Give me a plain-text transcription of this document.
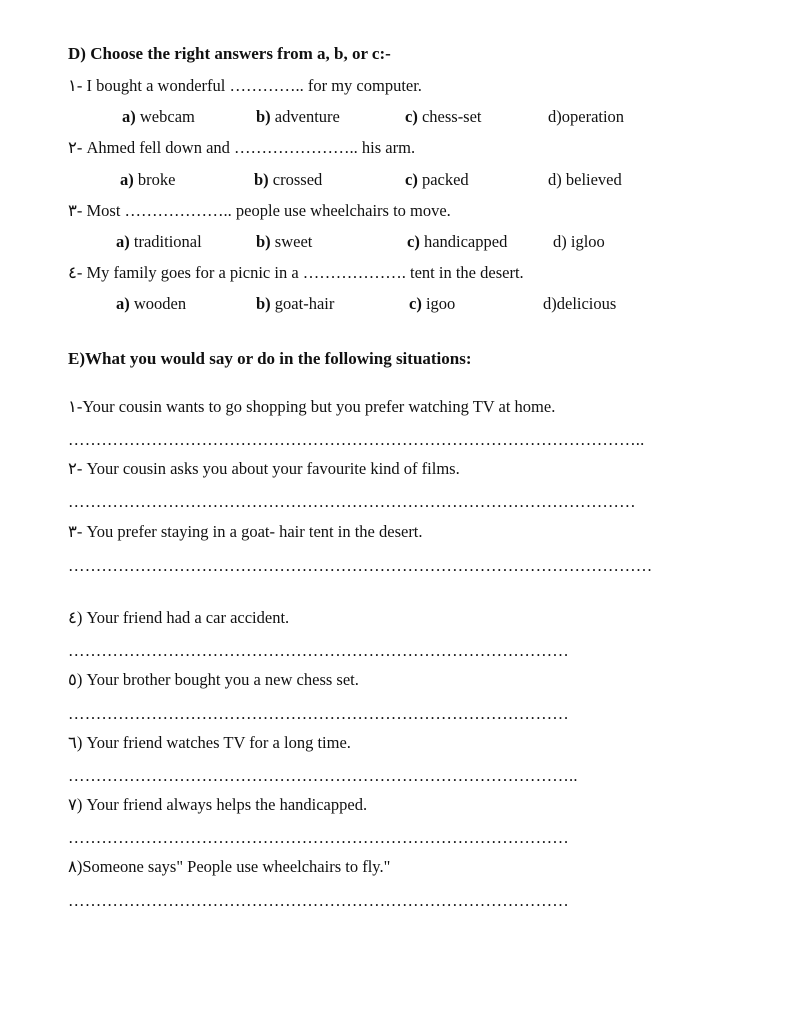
D) Choose the right answers from a, b, or c:-
١- I bought a wonderful ………….. for my computer.
a) webcam	b) adventure	c) chess-set	d)operation
٢- Ahmed fell down and ………………….. his arm.
a) broke	b) crossed	c) packed	d) believed
٣- Most ……………….. people use wheelchairs to move.
a) traditional	b) sweet	c) handicapped	d) igloo
٤- My family goes for a picnic in a ………………. tent in the desert.
a) wooden	b) goat-hair	c) igoo	d)delicious
E)What you would say or do in the following situations:
١-Your cousin wants to go shopping but you prefer watching TV at home.
…………………………………………………………………………………………..
٢- Your cousin asks you about your favourite kind of films.
…………………………………………………………………………………………
٣- You prefer staying in a goat- hair tent in the desert.
……………………………………………………………………………………………
٤) Your friend had a car accident.
………………………………………………………………………………
٥) Your brother bought you a new chess set.
………………………………………………………………………………
٦) Your friend watches TV for a long time.
………………………………………………………………………………..
٧) Your friend always helps the handicapped.
………………………………………………………………………………
٨)Someone says" People use wheelchairs to fly."
………………………………………………………………………………
